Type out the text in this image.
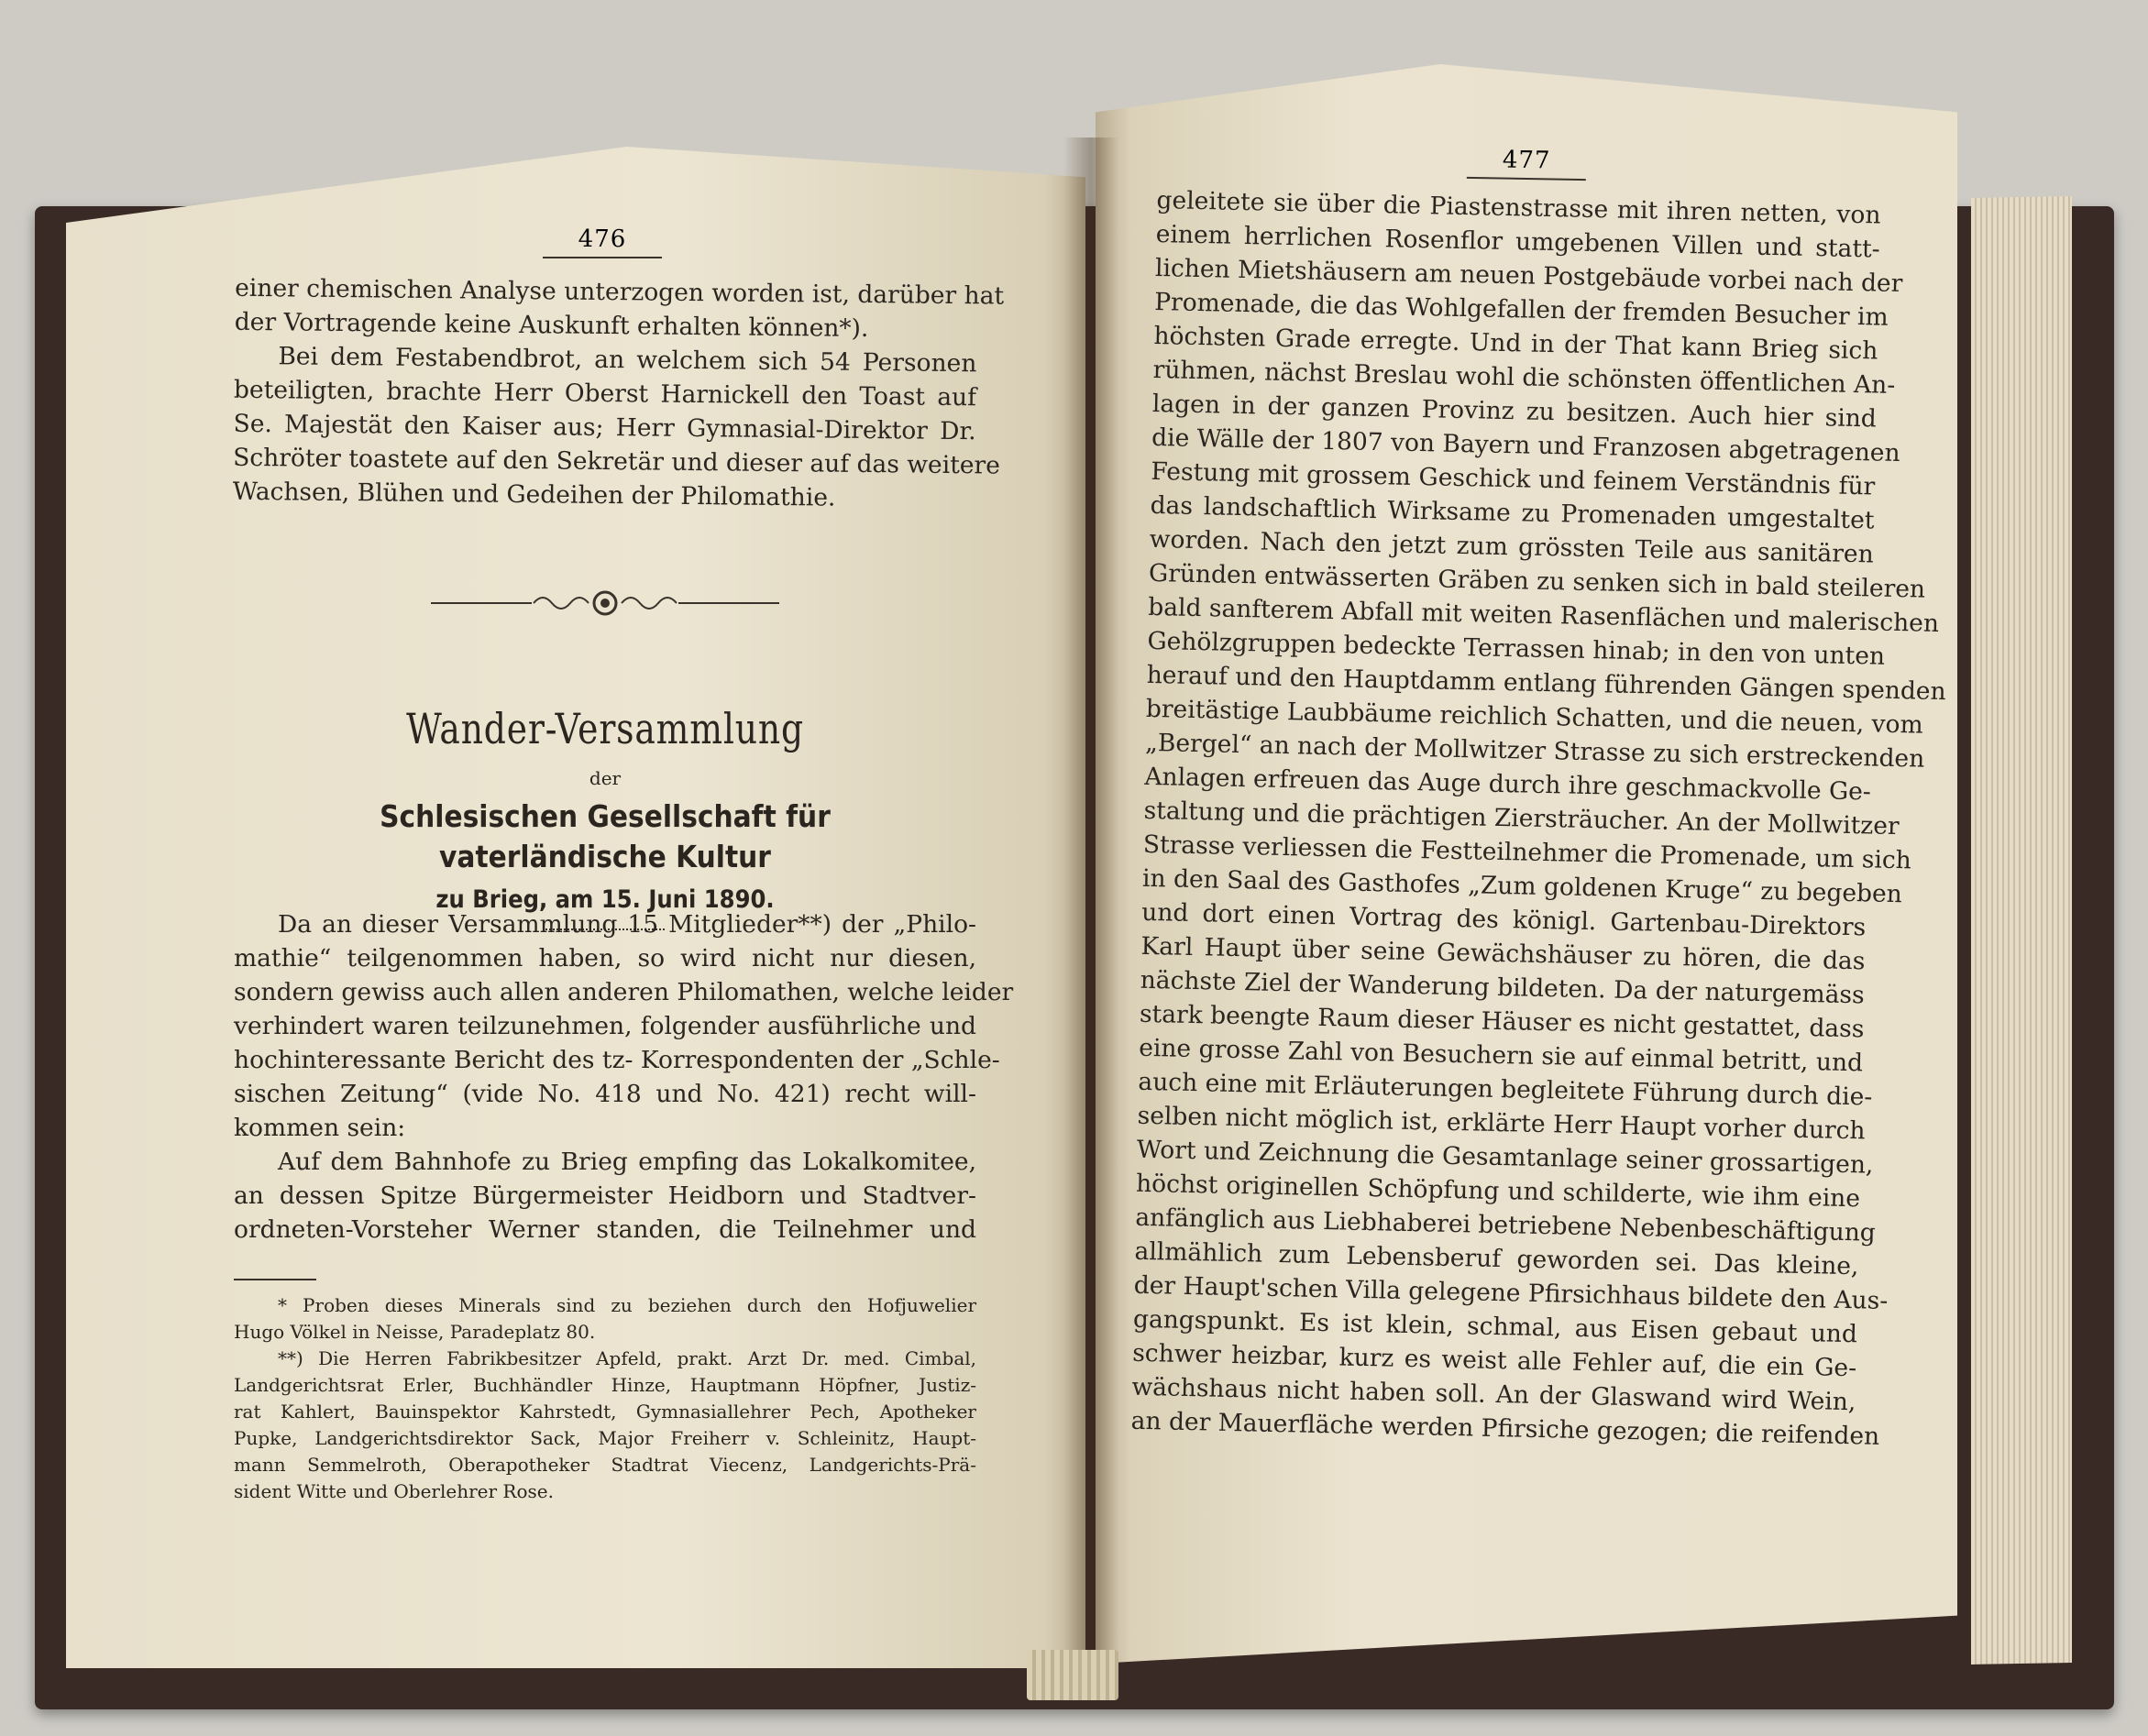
476

einer chemischen Analyse unterzogen worden ist, darüber hat

der Vortragende keine Auskunft erhalten können*).

Bei dem Festabendbrot, an welchem sich 54 Personen

beteiligten, brachte Herr Oberst Harnickell den Toast auf

Se. Majestät den Kaiser aus; Herr Gymnasial-Direktor Dr.

Schröter toastete auf den Sekretär und dieser auf das weitere

Wachsen, Blühen und Gedeihen der Philomathie.

Wander-Versammlung

der

Schlesischen Gesellschaft für vaterländische Kultur

zu Brieg, am 15. Juni 1890.

Da an dieser Versammlung 15 Mitglieder**) der „Philo-

mathie“ teilgenommen haben, so wird nicht nur diesen,

sondern gewiss auch allen anderen Philomathen, welche leider

verhindert waren teilzunehmen, folgender ausführliche und

hochinteressante Bericht des tz- Korrespondenten der „Schle-

sischen Zeitung“ (vide No. 418 und No. 421) recht will-

kommen sein:

Auf dem Bahnhofe zu Brieg empfing das Lokalkomitee,

an dessen Spitze Bürgermeister Heidborn und Stadtver-

ordneten-Vorsteher Werner standen, die Teilnehmer und

* Proben dieses Minerals sind zu beziehen durch den Hofjuwelier

Hugo Völkel in Neisse, Paradeplatz 80.

**) Die Herren Fabrikbesitzer Apfeld, prakt. Arzt Dr. med. Cimbal,

Landgerichtsrat Erler, Buchhändler Hinze, Hauptmann Höpfner, Justiz-

rat Kahlert, Bauinspektor Kahrstedt, Gymnasiallehrer Pech, Apotheker

Pupke, Landgerichtsdirektor Sack, Major Freiherr v. Schleinitz, Haupt-

mann Semmelroth, Oberapotheker Stadtrat Viecenz, Landgerichts-Prä-

sident Witte und Oberlehrer Rose.

477

geleitete sie über die Piastenstrasse mit ihren netten, von

einem herrlichen Rosenflor umgebenen Villen und statt-

lichen Mietshäusern am neuen Postgebäude vorbei nach der

Promenade, die das Wohlgefallen der fremden Besucher im

höchsten Grade erregte. Und in der That kann Brieg sich

rühmen, nächst Breslau wohl die schönsten öffentlichen An-

lagen in der ganzen Provinz zu besitzen. Auch hier sind

die Wälle der 1807 von Bayern und Franzosen abgetragenen

Festung mit grossem Geschick und feinem Verständnis für

das landschaftlich Wirksame zu Promenaden umgestaltet

worden. Nach den jetzt zum grössten Teile aus sanitären

Gründen entwässerten Gräben zu senken sich in bald steileren

bald sanfterem Abfall mit weiten Rasenflächen und malerischen

Gehölzgruppen bedeckte Terrassen hinab; in den von unten

herauf und den Hauptdamm entlang führenden Gängen spenden

breitästige Laubbäume reichlich Schatten, und die neuen, vom

„Bergel“ an nach der Mollwitzer Strasse zu sich erstreckenden

Anlagen erfreuen das Auge durch ihre geschmackvolle Ge-

staltung und die prächtigen Ziersträucher. An der Mollwitzer

Strasse verliessen die Festteilnehmer die Promenade, um sich

in den Saal des Gasthofes „Zum goldenen Kruge“ zu begeben

und dort einen Vortrag des königl. Gartenbau-Direktors

Karl Haupt über seine Gewächshäuser zu hören, die das

nächste Ziel der Wanderung bildeten. Da der naturgemäss

stark beengte Raum dieser Häuser es nicht gestattet, dass

eine grosse Zahl von Besuchern sie auf einmal betritt, und

auch eine mit Erläuterungen begleitete Führung durch die-

selben nicht möglich ist, erklärte Herr Haupt vorher durch

Wort und Zeichnung die Gesamtanlage seiner grossartigen,

höchst originellen Schöpfung und schilderte, wie ihm eine

anfänglich aus Liebhaberei betriebene Nebenbeschäftigung

allmählich zum Lebensberuf geworden sei. Das kleine,

der Haupt'schen Villa gelegene Pfirsichhaus bildete den Aus-

gangspunkt. Es ist klein, schmal, aus Eisen gebaut und

schwer heizbar, kurz es weist alle Fehler auf, die ein Ge-

wächshaus nicht haben soll. An der Glaswand wird Wein,

an der Mauerfläche werden Pfirsiche gezogen; die reifenden
